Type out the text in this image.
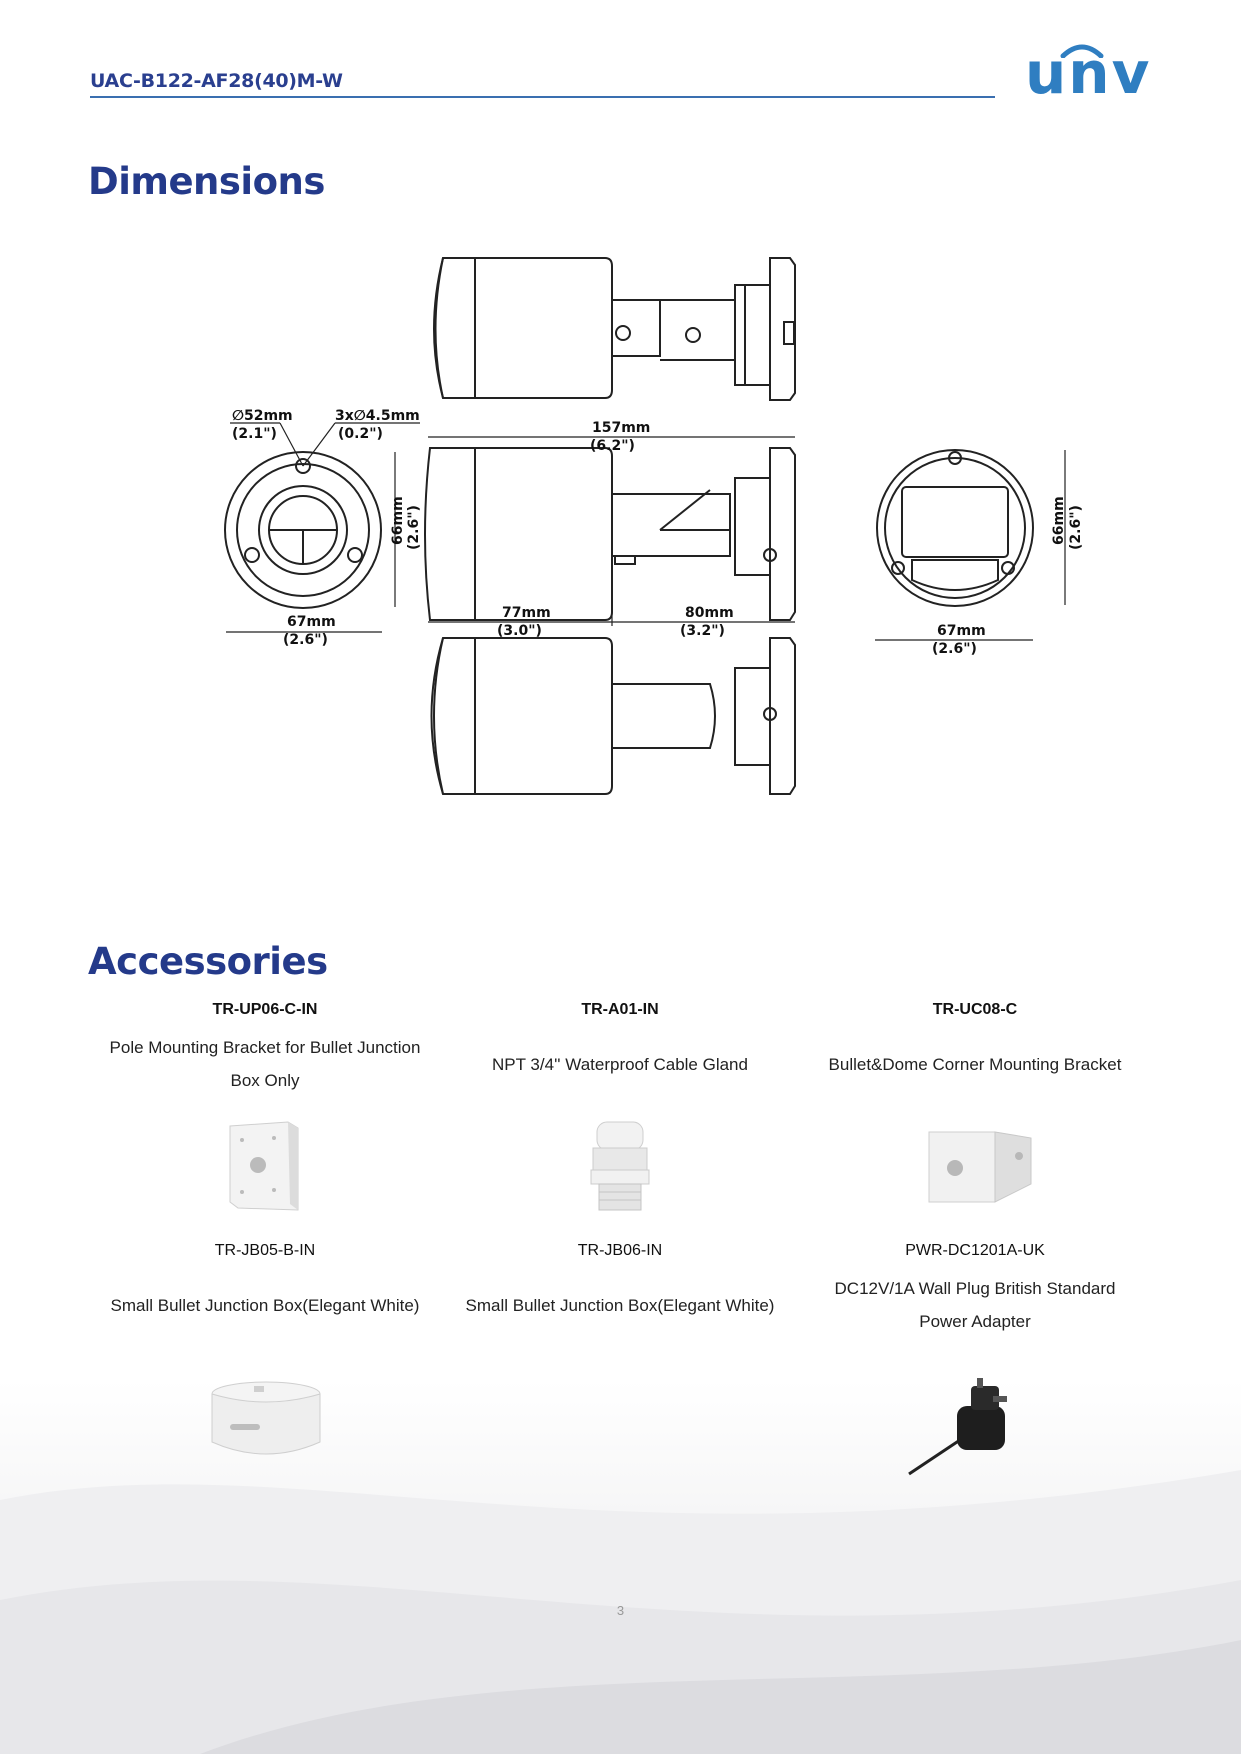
UAC-B122-AF28(40)M-W	unv
Dimensions
∅52mm
(2.1")
3x∅4.5mm
(0.2")
67mm
(2.6")
66mm (2.6")
157mm
(6.2")
77mm
(3.0")
80mm
(3.2")
66mm (2.6")
67mm
(2.6")
Accessories
TR-UP06-C-IN
Pole Mounting Bracket for Bullet Junction
Box Only
TR-A01-IN
NPT 3/4'' Waterproof Cable Gland
TR-UC08-C
Bullet&Dome Corner Mounting Bracket
TR-JB05-B-IN
Small Bullet Junction Box(Elegant White)
TR-JB06-IN
Small Bullet Junction Box(Elegant White)
PWR-DC1201A-UK
DC12V/1A Wall Plug British Standard
Power Adapter
3
